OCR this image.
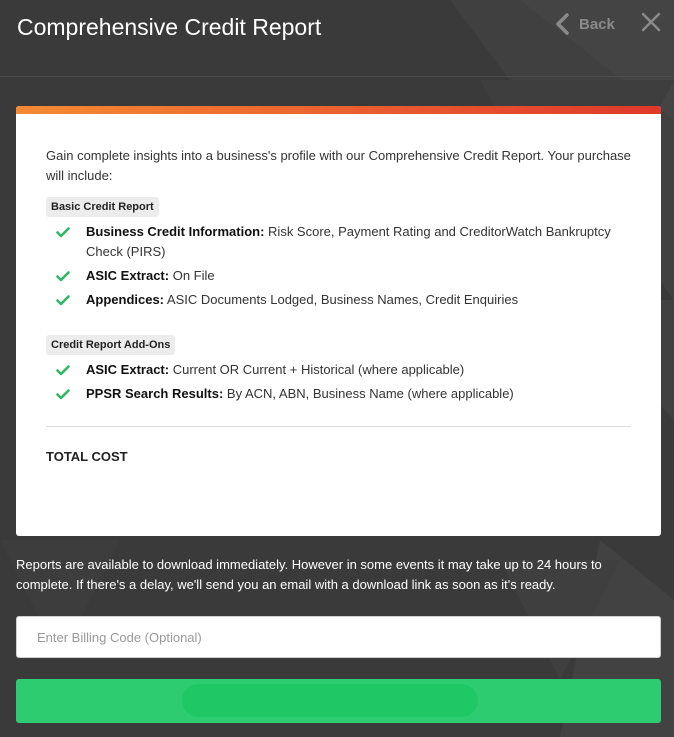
Comprehensive Credit Report	Back

Gain complete insights into a business's profile with our Comprehensive Credit Report. Your purchase will include:

Basic Credit Report
Business Credit Information: Risk Score, Payment Rating and CreditorWatch Bankruptcy Check (PIRS)
ASIC Extract: On File
Appendices: ASIC Documents Lodged, Business Names, Credit Enquiries
Credit Report Add-Ons
ASIC Extract: Current OR Current + Historical (where applicable)
PPSR Search Results: By ACN, ABN, Business Name (where applicable)
TOTAL COST

Reports are available to download immediately. However in some events it may take up to 24 hours to complete. If there's a delay, we'll send you an email with a download link as soon as it's ready.

Enter Billing Code (Optional)
